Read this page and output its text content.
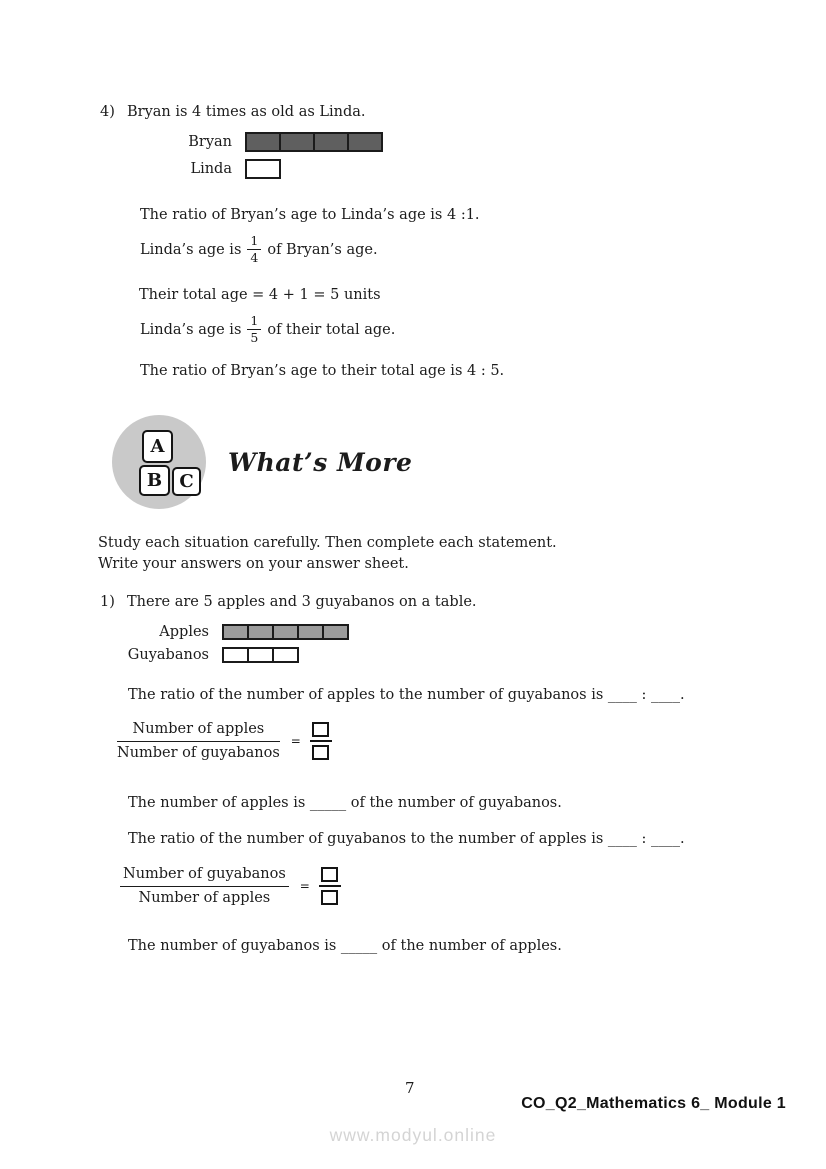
4) Bryan is 4 times as old as Linda.
Bryan
Linda
The ratio of Bryan’s age to Linda’s age is 4 :1.
Linda’s age is $\frac{1}{4}$ of Bryan’s age.
Their total age = 4 + 1 = 5 units
Linda’s age is $\frac{1}{5}$ of their total age.
The ratio of Bryan’s age to their total age is 4 : 5.
A
B C
What’s More
Study each situation carefully. Then complete each statement.
Write your answers on your answer sheet.
1) There are 5 apples and 3 guyabanos on a table.
Apples
Guyabanos
The ratio of the number of apples to the number of guyabanos is ____ : ____.
$\frac{\text{Number of apples}}{\text{Number of guyabanos}}$ =
The number of apples is _____ of the number of guyabanos.
The ratio of the number of guyabanos to the number of apples is ____ : ____.
$\frac{\text{Number of guyabanos}}{\text{Number of apples}}$ =
The number of guyabanos is _____ of the number of apples.
7
CO_Q2_Mathematics 6_ Module 1
www.modyul.online
